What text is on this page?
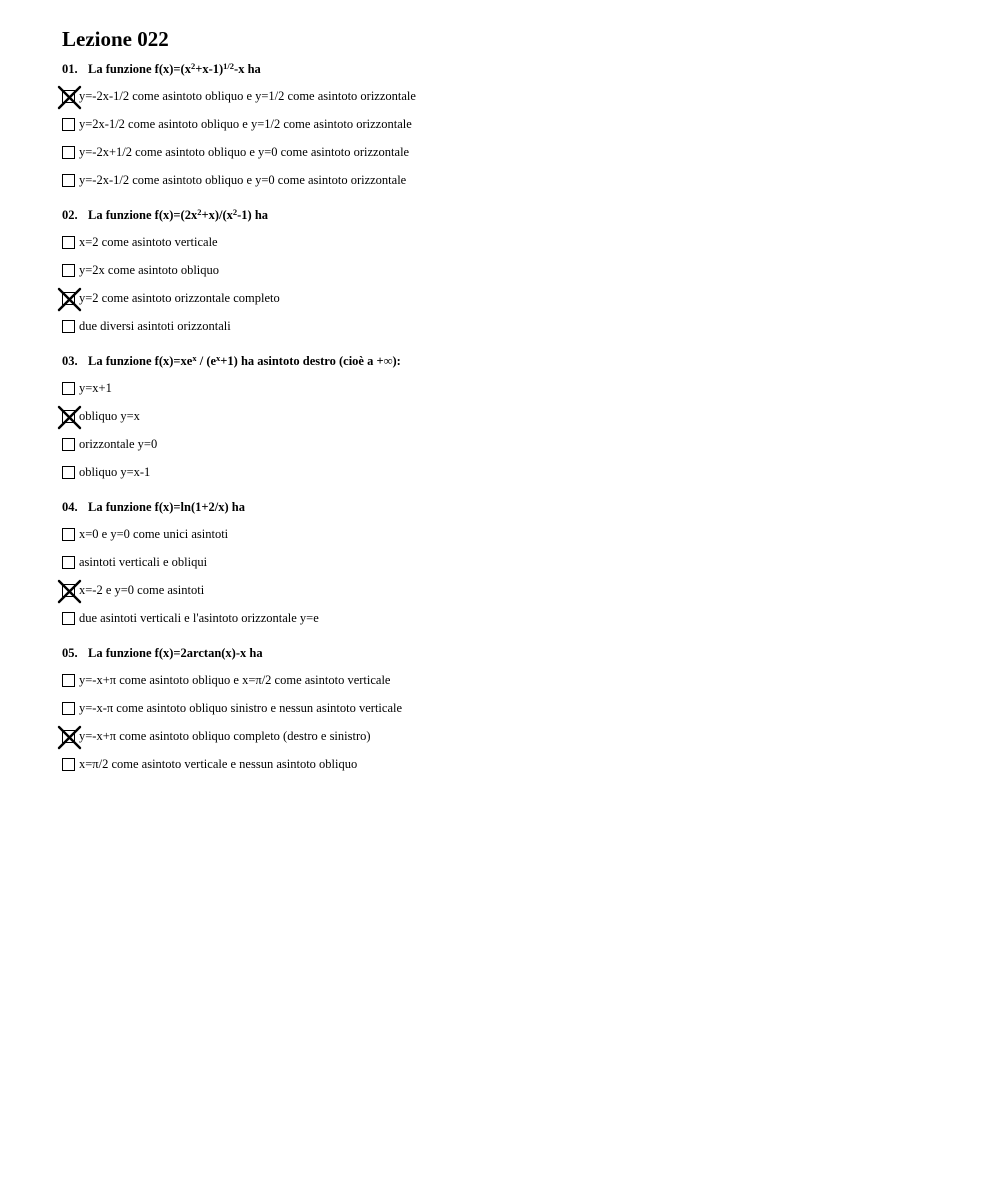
Lezione 022
01. La funzione $f(x)=(x^2+x-1)^{1/2}-x$ ha
y=-2x-1/2 come asintoto obliquo e y=1/2 come asintoto orizzontale
y=2x-1/2 come asintoto obliquo e y=1/2 come asintoto orizzontale
y=-2x+1/2 come asintoto obliquo e y=0 come asintoto orizzontale
y=-2x-1/2 come asintoto obliquo e y=0 come asintoto orizzontale
02. La funzione $f(x)=(2x^2+x)/(x^2-1)$ ha
x=2 come asintoto verticale
y=2x come asintoto obliquo
y=2 come asintoto orizzontale completo
due diversi asintoti orizzontali
03. La funzione $f(x)=xe^x / (e^x+1)$ ha asintoto destro (cioè a +∞):
y=x+1
obliquo y=x
orizzontale y=0
obliquo y=x-1
04. La funzione f(x)=ln(1+2/x) ha
x=0 e y=0 come unici asintoti
asintoti verticali e obliqui
x=-2 e y=0 come asintoti
due asintoti verticali e l'asintoto orizzontale y=e
05. La funzione f(x)=2arctan(x)-x ha
y=-x+π come asintoto obliquo e x=π/2 come asintoto verticale
y=-x-π come asintoto obliquo sinistro e nessun asintoto verticale
y=-x+π come asintoto obliquo completo (destro e sinistro)
x=π/2 come asintoto verticale e nessun asintoto obliquo
